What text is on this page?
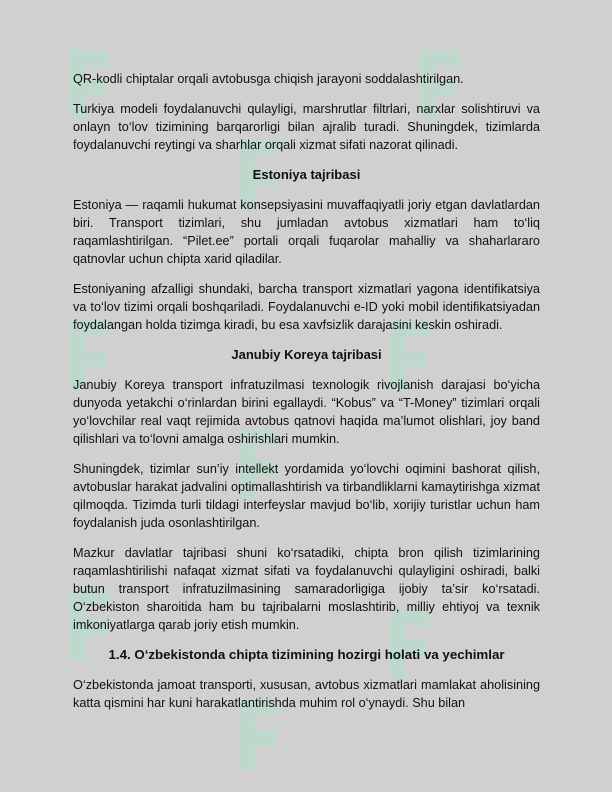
QR-kodli chiptalar orqali avtobusga chiqish jarayoni soddalashtirilgan.

Turkiya modeli foydalanuvchi qulayligi, marshrutlar filtrlari, narxlar solishtiruvi va onlayn to‘lov tizimining barqarorligi bilan ajralib turadi. Shuningdek, tizimlarda foydalanuvchi reytingi va sharhlar orqali xizmat sifati nazorat qilinadi.

Estoniya tajribasi

Estoniya — raqamli hukumat konsepsiyasini muvaffaqiyatli joriy etgan davlatlardan biri. Transport tizimlari, shu jumladan avtobus xizmatlari ham to‘liq raqamlashtirilgan. “Pilet.ee” portali orqali fuqarolar mahalliy va shaharlararo qatnovlar uchun chipta xarid qiladilar.

Estoniyaning afzalligi shundaki, barcha transport xizmatlari yagona identifikatsiya va to‘lov tizimi orqali boshqariladi. Foydalanuvchi e-ID yoki mobil identifikatsiyadan foydalangan holda tizimga kiradi, bu esa xavfsizlik darajasini keskin oshiradi.

Janubiy Koreya tajribasi

Janubiy Koreya transport infratuzilmasi texnologik rivojlanish darajasi bo‘yicha dunyoda yetakchi o‘rinlardan birini egallaydi. “Kobus” va “T-Money” tizimlari orqali yo‘lovchilar real vaqt rejimida avtobus qatnovi haqida ma’lumot olishlari, joy band qilishlari va to‘lovni amalga oshirishlari mumkin.

Shuningdek, tizimlar sun’iy intellekt yordamida yo‘lovchi oqimini bashorat qilish, avtobuslar harakat jadvalini optimallashtirish va tirbandliklarni kamaytirishga xizmat qilmoqda. Tizimda turli tildagi interfeyslar mavjud bo‘lib, xorijiy turistlar uchun ham foydalanish juda osonlashtirilgan.

Mazkur davlatlar tajribasi shuni ko‘rsatadiki, chipta bron qilish tizimlarining raqamlashtirilishi nafaqat xizmat sifati va foydalanuvchi qulayligini oshiradi, balki butun transport infratuzilmasining samaradorligiga ijobiy ta’sir ko‘rsatadi. O‘zbekiston sharoitida ham bu tajribalarni moslashtirib, milliy ehtiyoj va texnik imkoniyatlarga qarab joriy etish mumkin.

1.4. O‘zbekistonda chipta tizimining hozirgi holati va yechimlar

O‘zbekistonda jamoat transporti, xususan, avtobus xizmatlari mamlakat aholisining katta qismini har kuni harakatlantirishda muhim rol o‘ynaydi. Shu bilan
